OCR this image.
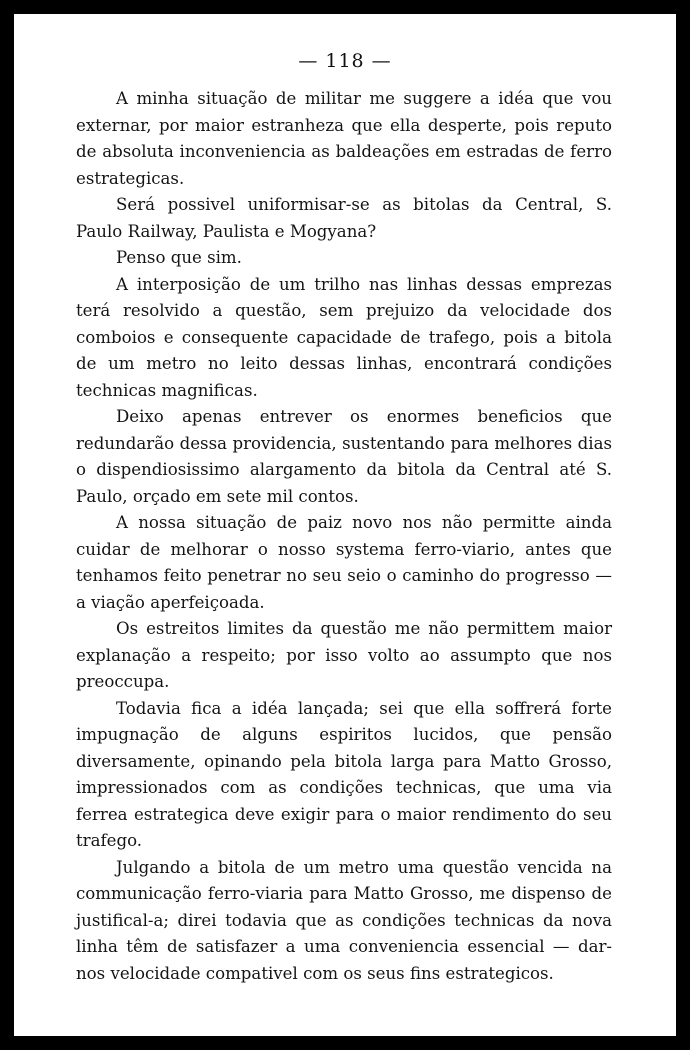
— 118 —

A minha situação de militar me suggere a idéa que vou externar, por maior estranheza que ella desperte, pois reputo de absoluta inconveniencia as baldeações em estradas de ferro estrategicas.

Será possivel uniformisar-se as bitolas da Central, S. Paulo Railway, Paulista e Mogyana?

Penso que sim.

A interposição de um trilho nas linhas dessas emprezas terá resolvido a questão, sem prejuizo da velocidade dos comboios e consequente capacidade de trafego, pois a bitola de um metro no leito dessas linhas, encontrará condições technicas magnificas.

Deixo apenas entrever os enormes beneficios que redundarão dessa providencia, sustentando para melhores dias o dispendiosissimo alargamento da bitola da Central até S. Paulo, orçado em sete mil contos.

A nossa situação de paiz novo nos não permitte ainda cuidar de melhorar o nosso systema ferro-viario, antes que tenhamos feito penetrar no seu seio o caminho do progresso — a viação aperfeiçoada.

Os estreitos limites da questão me não permittem maior explanação a respeito; por isso volto ao assumpto que nos preoccupa.

Todavia fica a idéa lançada; sei que ella soffrerá forte impugnação de alguns espiritos lucidos, que pensão diversamente, opinando pela bitola larga para Matto Grosso, impressionados com as condições technicas, que uma via ferrea estrategica deve exigir para o maior rendimento do seu trafego.

Julgando a bitola de um metro uma questão vencida na communicação ferro-viaria para Matto Grosso, me dispenso de justifical-a; direi todavia que as condições technicas da nova linha têm de satisfazer a uma conveniencia essencial — dar-nos velocidade compativel com os seus fins estrategicos.
